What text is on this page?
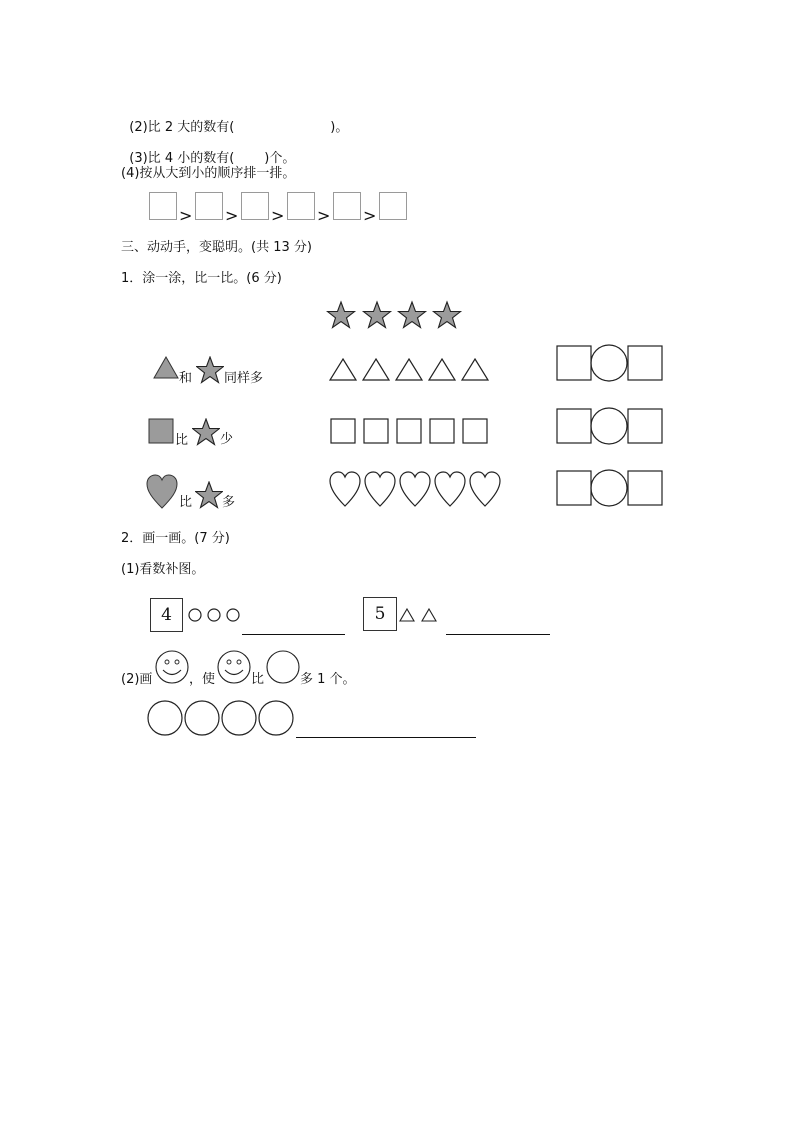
(2)比 2 大的数有(	)。

(3)比 4 小的数有( )个。

(4)按从大到小的顺序排一排。
> > > > >
三、动动手，变聪明。(共 13 分)
1．涂一涂，比一比。(6 分)
和 同样多
比 少
比 多
2．画一画。(7 分)
(1)看数补图。
4	5
(2)画	，使	比	多 1 个。
